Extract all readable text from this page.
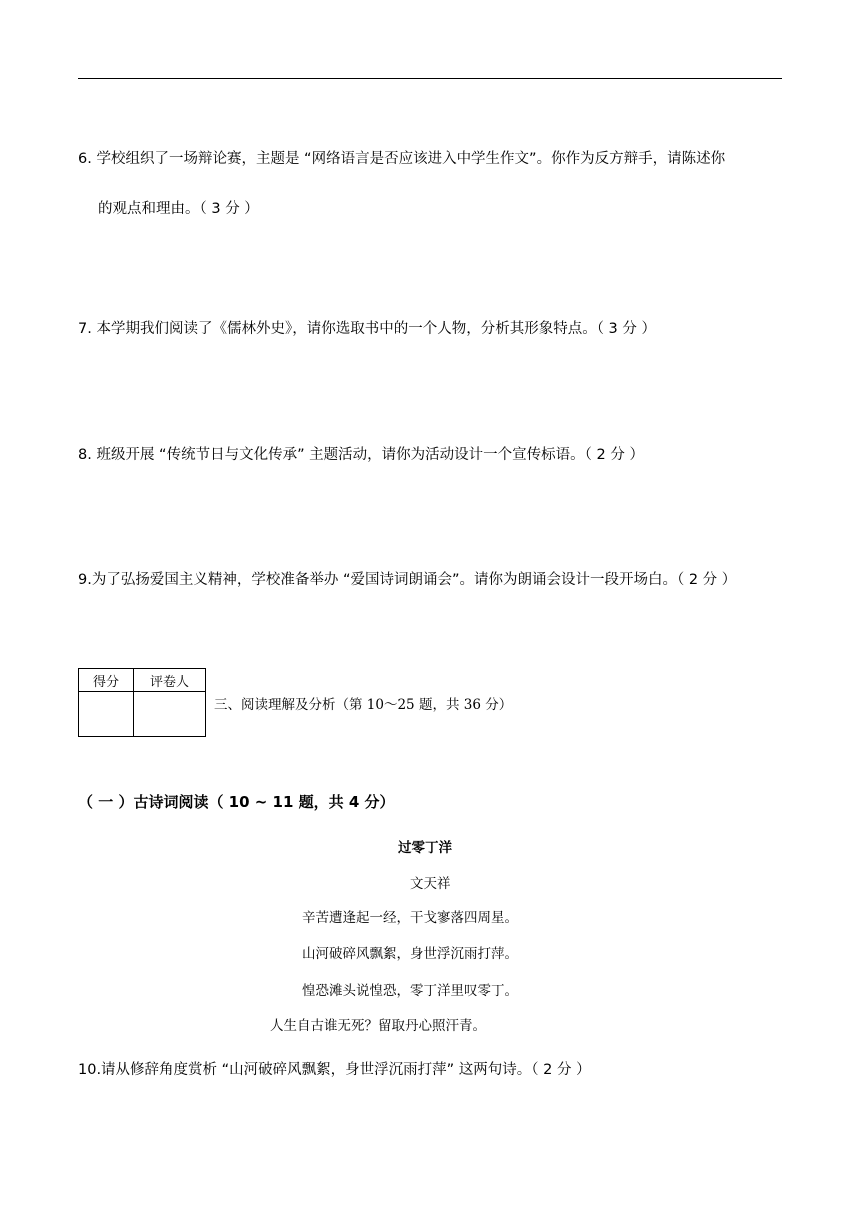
6. 学校组织了一场辩论赛，主题是 “网络语言是否应该进入中学生作文”。你作为反方辩手，请陈述你
的观点和理由。（ 3 分 ）
7. 本学期我们阅读了《儒林外史》，请你选取书中的一个人物，分析其形象特点。（ 3 分 ）
8. 班级开展 “传统节日与文化传承” 主题活动，请你为活动设计一个宣传标语。（ 2 分 ）
9.为了弘扬爱国主义精神，学校准备举办 “爱国诗词朗诵会”。请你为朗诵会设计一段开场白。（ 2 分 ）
得分	评卷人

三、阅读理解及分析（第 10～25 题，共 36 分）
（ 一 ）古诗词阅读（ 10 ~ 11 题，共 4 分）
过零丁洋
文天祥
辛苦遭逢起一经，干戈寥落四周星。
山河破碎风飘絮，身世浮沉雨打萍。
惶恐滩头说惶恐，零丁洋里叹零丁。
人生自古谁无死？留取丹心照汗青。
10.请从修辞角度赏析 “山河破碎风飘絮，身世浮沉雨打萍” 这两句诗。（ 2 分 ）
